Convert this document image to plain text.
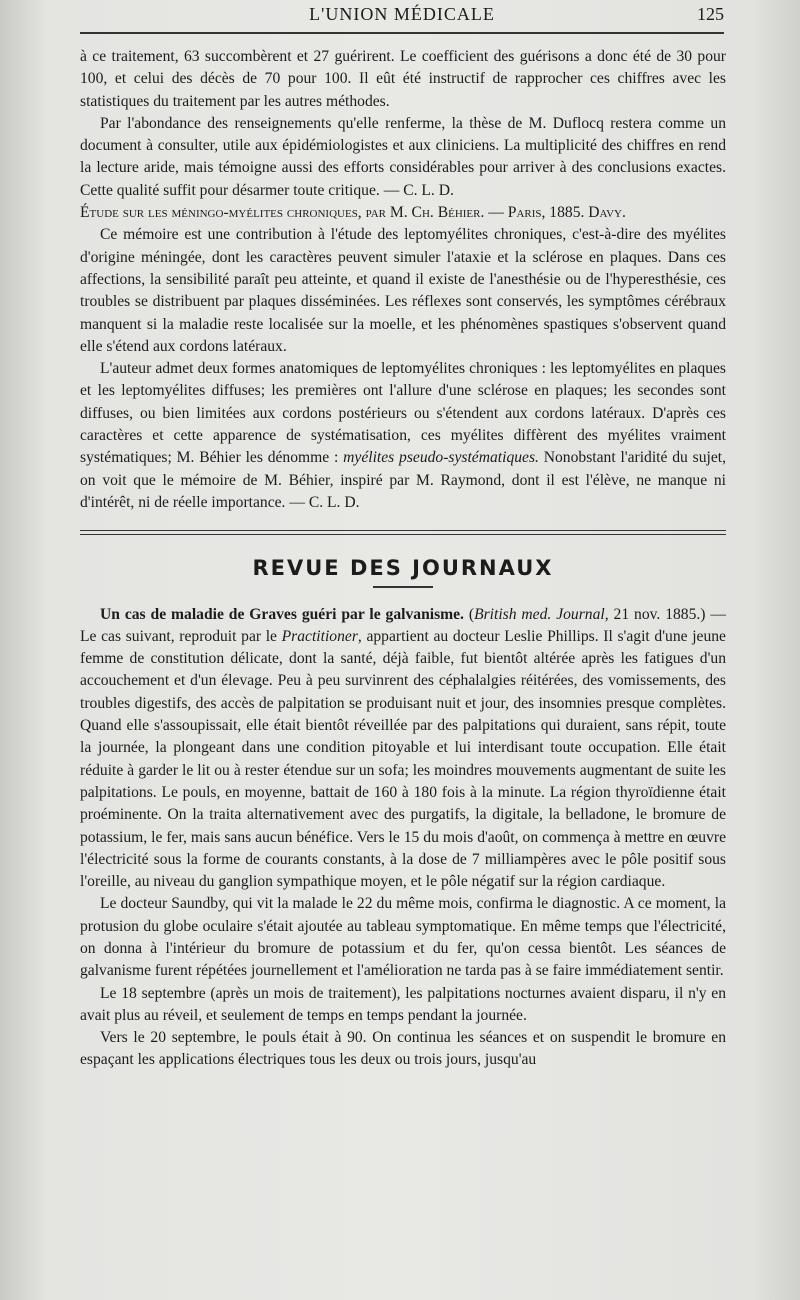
L'UNION MÉDICALE	125

à ce traitement, 63 succombèrent et 27 guérirent. Le coefficient des guérisons a donc été de 30 pour 100, et celui des décès de 70 pour 100. Il eût été instructif de rapprocher ces chiffres avec les statistiques du traitement par les autres méthodes.

Par l'abondance des renseignements qu'elle renferme, la thèse de M. Duflocq restera comme un document à consulter, utile aux épidémiologistes et aux cliniciens. La multiplicité des chiffres en rend la lecture aride, mais témoigne aussi des efforts considérables pour arriver à des conclusions exactes. Cette qualité suffit pour désarmer toute critique. — C. L. D.

Étude sur les méningo-myélites chroniques, par M. Ch. Béhier. — Paris, 1885. Davy.

Ce mémoire est une contribution à l'étude des leptomyélites chroniques, c'est-à-dire des myélites d'origine méningée, dont les caractères peuvent simuler l'ataxie et la sclérose en plaques. Dans ces affections, la sensibilité paraît peu atteinte, et quand il existe de l'anesthésie ou de l'hyperesthésie, ces troubles se distribuent par plaques disséminées. Les réflexes sont conservés, les symptômes cérébraux manquent si la maladie reste localisée sur la moelle, et les phénomènes spastiques s'observent quand elle s'étend aux cordons latéraux.

L'auteur admet deux formes anatomiques de leptomyélites chroniques : les leptomyélites en plaques et les leptomyélites diffuses; les premières ont l'allure d'une sclérose en plaques; les secondes sont diffuses, ou bien limitées aux cordons postérieurs ou s'étendent aux cordons latéraux. D'après ces caractères et cette apparence de systématisation, ces myélites diffèrent des myélites vraiment systématiques; M. Béhier les dénomme : myélites pseudo-systématiques. Nonobstant l'aridité du sujet, on voit que le mémoire de M. Béhier, inspiré par M. Raymond, dont il est l'élève, ne manque ni d'intérêt, ni de réelle importance. — C. L. D.

REVUE DES JOURNAUX

Un cas de maladie de Graves guéri par le galvanisme. (British med. Journal, 21 nov. 1885.) — Le cas suivant, reproduit par le Practitioner, appartient au docteur Leslie Phillips. Il s'agit d'une jeune femme de constitution délicate, dont la santé, déjà faible, fut bientôt altérée après les fatigues d'un accouchement et d'un élevage. Peu à peu survinrent des céphalalgies réitérées, des vomissements, des troubles digestifs, des accès de palpitation se produisant nuit et jour, des insomnies presque complètes. Quand elle s'assoupissait, elle était bientôt réveillée par des palpitations qui duraient, sans répit, toute la journée, la plongeant dans une condition pitoyable et lui interdisant toute occupation. Elle était réduite à garder le lit ou à rester étendue sur un sofa; les moindres mouvements augmentant de suite les palpitations. Le pouls, en moyenne, battait de 160 à 180 fois à la minute. La région thyroïdienne était proéminente. On la traita alternativement avec des purgatifs, la digitale, la belladone, le bromure de potassium, le fer, mais sans aucun bénéfice. Vers le 15 du mois d'août, on commença à mettre en œuvre l'électricité sous la forme de courants constants, à la dose de 7 milliampères avec le pôle positif sous l'oreille, au niveau du ganglion sympathique moyen, et le pôle négatif sur la région cardiaque.

Le docteur Saundby, qui vit la malade le 22 du même mois, confirma le diagnostic. A ce moment, la protusion du globe oculaire s'était ajoutée au tableau symptomatique. En même temps que l'électricité, on donna à l'intérieur du bromure de potassium et du fer, qu'on cessa bientôt. Les séances de galvanisme furent répétées journellement et l'amélioration ne tarda pas à se faire immédiatement sentir.

Le 18 septembre (après un mois de traitement), les palpitations nocturnes avaient disparu, il n'y en avait plus au réveil, et seulement de temps en temps pendant la journée.

Vers le 20 septembre, le pouls était à 90. On continua les séances et on suspendit le bromure en espaçant les applications électriques tous les deux ou trois jours, jusqu'au
